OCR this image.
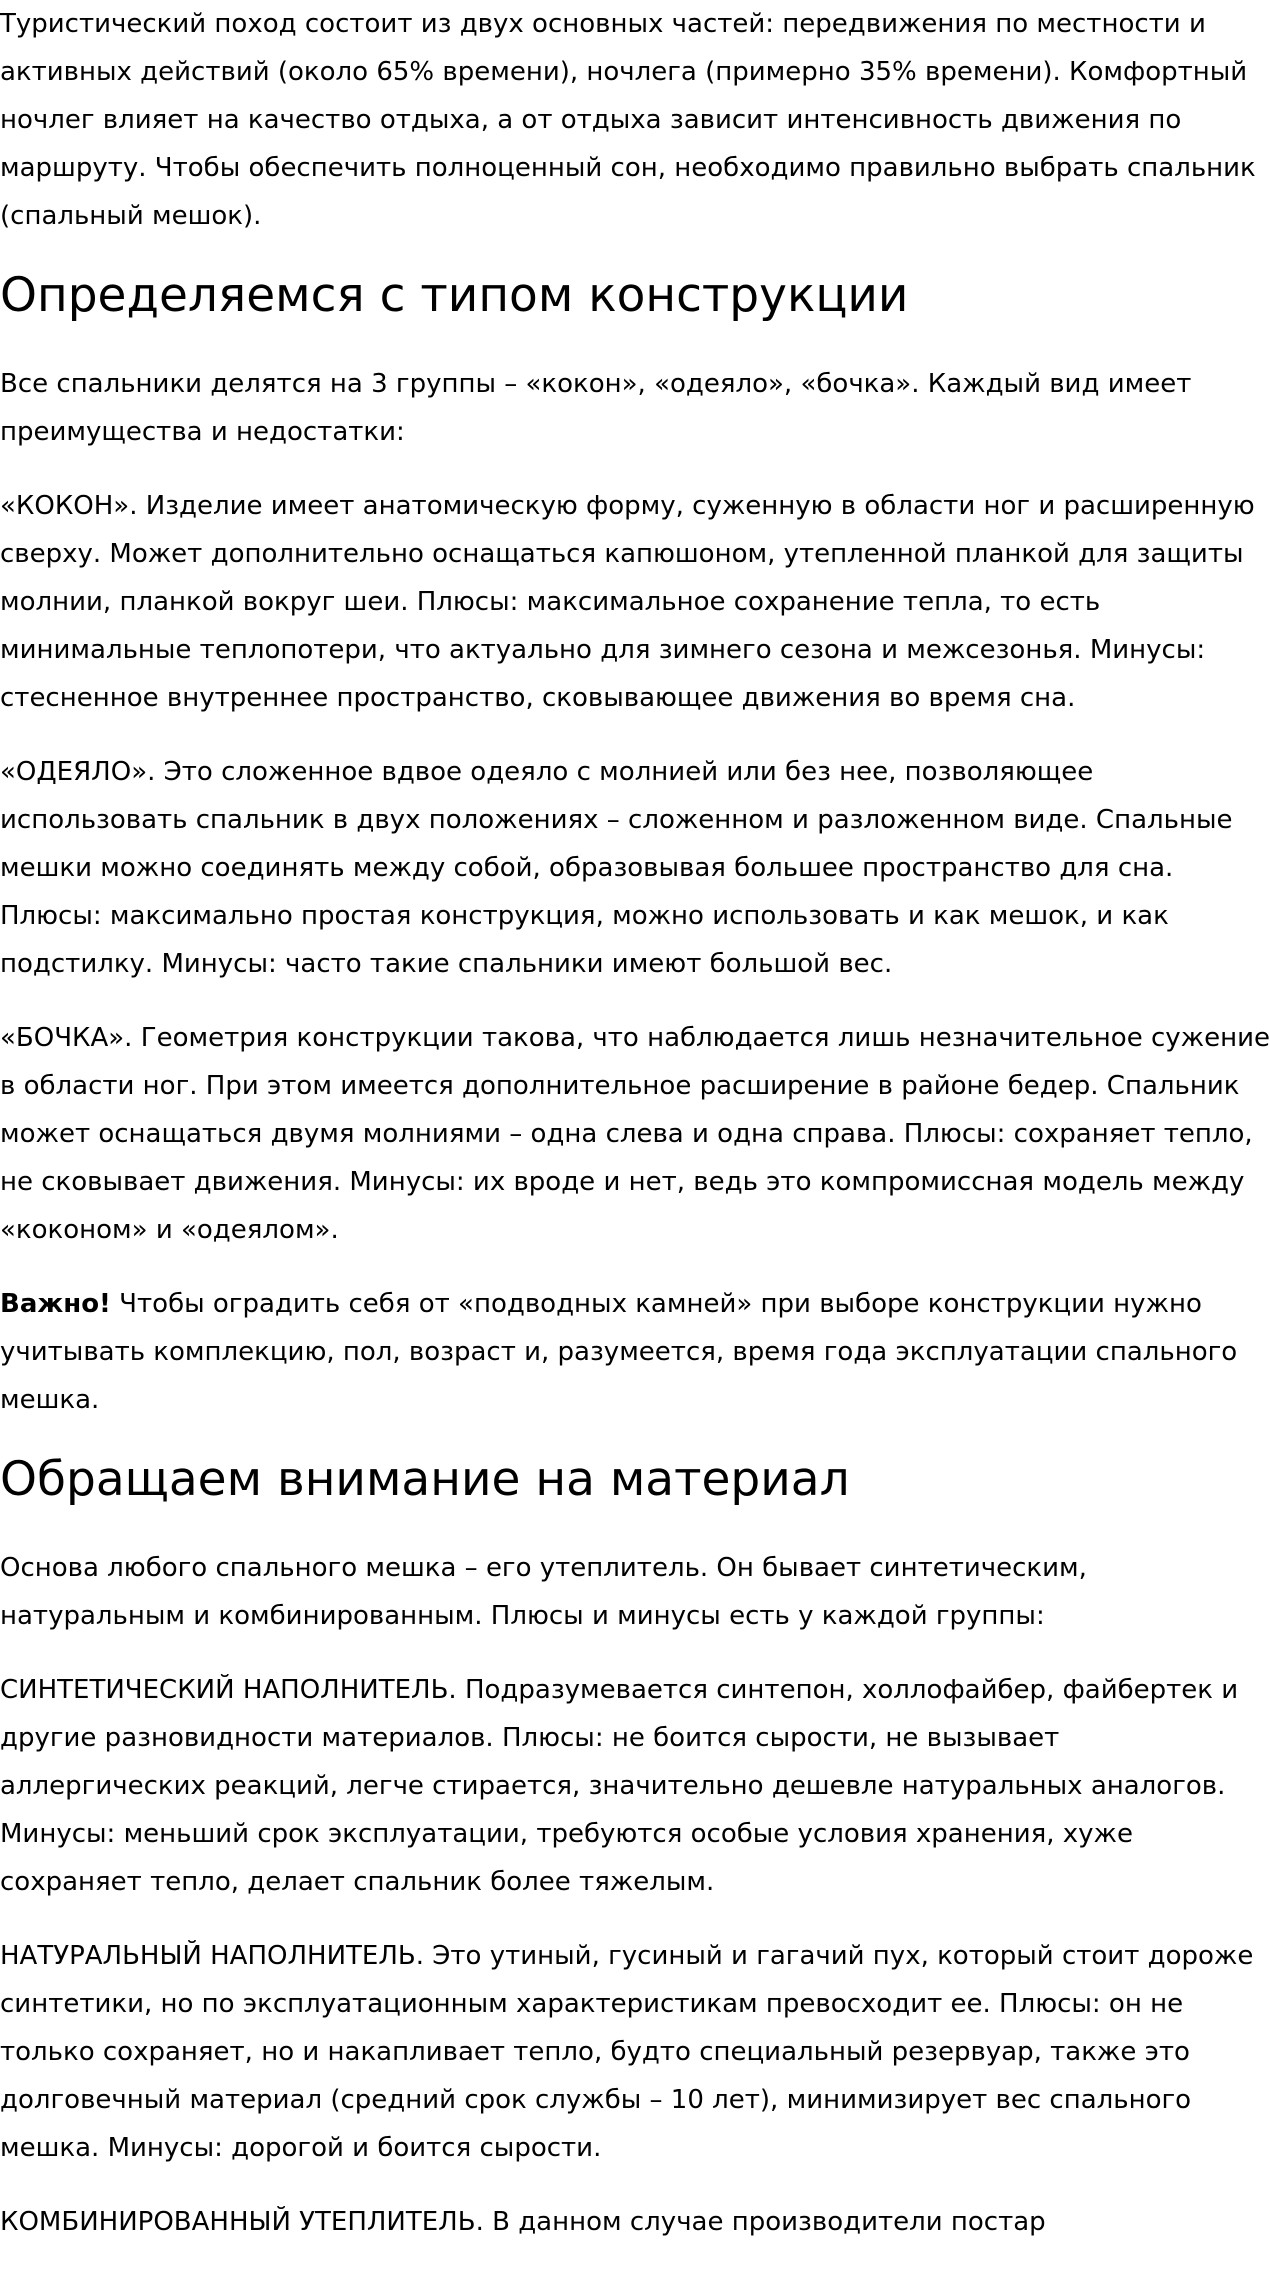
Туристический поход состоит из двух основных частей: передвижения по местности и активных действий (около 65% времени), ночлега (примерно 35% времени). Комфортный ночлег влияет на качество отдыха, а от отдыха зависит интенсивность движения по маршруту. Чтобы обеспечить полноценный сон, необходимо правильно выбрать спальник (спальный мешок).

Определяемся с типом конструкции

Все спальники делятся на 3 группы – «кокон», «одеяло», «бочка». Каждый вид имеет преимущества и недостатки:

«КОКОН». Изделие имеет анатомическую форму, суженную в области ног и расширенную сверху. Может дополнительно оснащаться капюшоном, утепленной планкой для защиты молнии, планкой вокруг шеи. Плюсы: максимальное сохранение тепла, то есть минимальные теплопотери, что актуально для зимнего сезона и межсезонья. Минусы: стесненное внутреннее пространство, сковывающее движения во время сна.

«ОДЕЯЛО». Это сложенное вдвое одеяло с молнией или без нее, позволяющее использовать спальник в двух положениях – сложенном и разложенном виде. Спальные мешки можно соединять между собой, образовывая большее пространство для сна. Плюсы: максимально простая конструкция, можно использовать и как мешок, и как подстилку. Минусы: часто такие спальники имеют большой вес.

«БОЧКА». Геометрия конструкции такова, что наблюдается лишь незначительное сужение в области ног. При этом имеется дополнительное расширение в районе бедер. Спальник может оснащаться двумя молниями – одна слева и одна справа. Плюсы: сохраняет тепло, не сковывает движения. Минусы: их вроде и нет, ведь это компромиссная модель между «коконом» и «одеялом».

Важно! Чтобы оградить себя от «подводных камней» при выборе конструкции нужно учитывать комплекцию, пол, возраст и, разумеется, время года эксплуатации спального мешка.

Обращаем внимание на материал

Основа любого спального мешка – его утеплитель. Он бывает синтетическим, натуральным и комбинированным. Плюсы и минусы есть у каждой группы:

СИНТЕТИЧЕСКИЙ НАПОЛНИТЕЛЬ. Подразумевается синтепон, холлофайбер, файбертек и другие разновидности материалов. Плюсы: не боится сырости, не вызывает аллергических реакций, легче стирается, значительно дешевле натуральных аналогов. Минусы: меньший срок эксплуатации, требуются особые условия хранения, хуже сохраняет тепло, делает спальник более тяжелым.

НАТУРАЛЬНЫЙ НАПОЛНИТЕЛЬ. Это утиный, гусиный и гагачий пух, который стоит дороже синтетики, но по эксплуатационным характеристикам превосходит ее. Плюсы: он не только сохраняет, но и накапливает тепло, будто специальный резервуар, также это долговечный материал (средний срок службы – 10 лет), минимизирует вес спального мешка. Минусы: дорогой и боится сырости.

КОМБИНИРОВАННЫЙ УТЕПЛИТЕЛЬ. В данном случае производители постар
